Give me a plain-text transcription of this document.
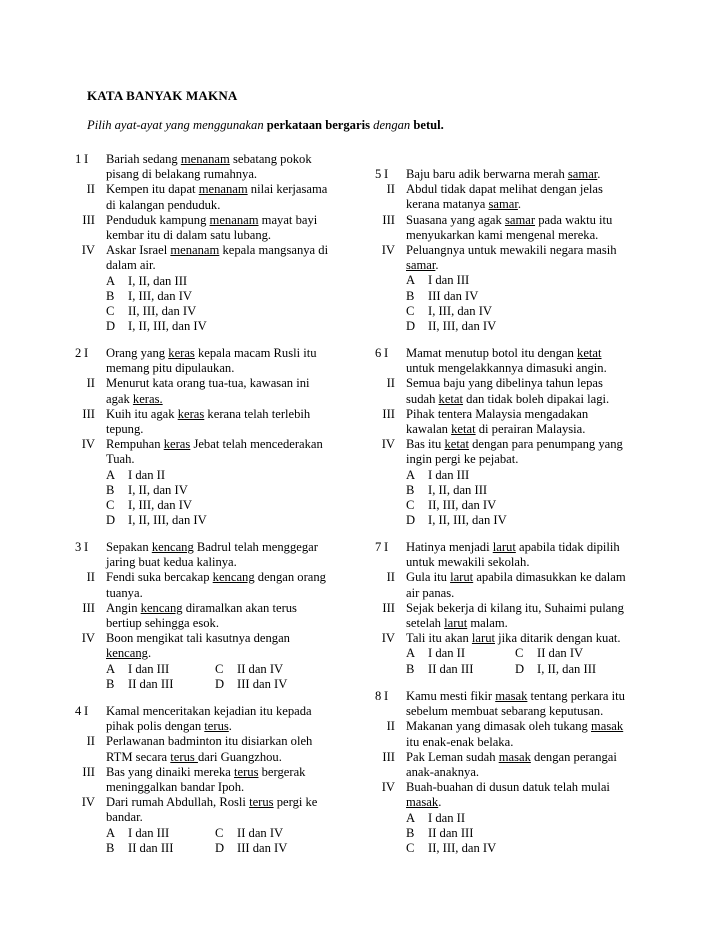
KATA BANYAK MAKNA
Pilih ayat-ayat yang menggunakan perkataan bergaris dengan betul.
1 I	Bariah sedang menanam sebatang pokok
pisang di belakang rumahnya.
II Kempen itu dapat menanam nilai kerjasama
di kalangan penduduk.
III Penduduk kampung menanam mayat bayi
kembar itu di dalam satu lubang.
IV Askar Israel menanam kepala mangsanya di
dalam air.
A I, II, dan III
B I, III, dan IV
C II, III, dan IV
D I, II, III, dan IV
2 I	Orang yang keras kepala macam Rusli itu
memang pitu dipulaukan.
II Menurut kata orang tua-tua, kawasan ini
agak keras.
III Kuih itu agak keras kerana telah terlebih
tepung.
IV Rempuhan keras Jebat telah mencederakan
Tuah.
A I dan II
B I, II, dan IV
C I, III, dan IV
D I, II, III, dan IV
3 I	Sepakan kencang Badrul telah menggegar
jaring buat kedua kalinya.
II Fendi suka bercakap kencang dengan orang
tuanya.
III Angin kencang diramalkan akan terus
bertiup sehingga esok.
IV Boon mengikat tali kasutnya dengan
kencang.
A I dan III	C II dan IV
B II dan III	D III dan IV
4 I	Kamal menceritakan kejadian itu kepada
pihak polis dengan terus.
II Perlawanan badminton itu disiarkan oleh
RTM secara terus dari Guangzhou.
III Bas yang dinaiki mereka terus bergerak
meninggalkan bandar Ipoh.
IV Dari rumah Abdullah, Rosli terus pergi ke
bandar.
A I dan III	C II dan IV
B II dan III	D III dan IV
5 I	Baju baru adik berwarna merah samar.
II Abdul tidak dapat melihat dengan jelas
kerana matanya samar.
III Suasana yang agak samar pada waktu itu
menyukarkan kami mengenal mereka.
IV Peluangnya untuk mewakili negara masih
samar.
A I dan III
B III dan IV
C I, III, dan IV
D II, III, dan IV
6 I	Mamat menutup botol itu dengan ketat
untuk mengelakkannya dimasuki angin.
II Semua baju yang dibelinya tahun lepas
sudah ketat dan tidak boleh dipakai lagi.
III Pihak tentera Malaysia mengadakan
kawalan ketat di perairan Malaysia.
IV Bas itu ketat dengan para penumpang yang
ingin pergi ke pejabat.
A I dan III
B I, II, dan III
C II, III, dan IV
D I, II, III, dan IV
7 I	Hatinya menjadi larut apabila tidak dipilih
untuk mewakili sekolah.
II Gula itu larut apabila dimasukkan ke dalam
air panas.
III Sejak bekerja di kilang itu, Suhaimi pulang
setelah larut malam.
IV Tali itu akan larut jika ditarik dengan kuat.
A I dan II	C II dan IV
B II dan III	D I, II, dan III
8 I	Kamu mesti fikir masak tentang perkara itu
sebelum membuat sebarang keputusan.
II Makanan yang dimasak oleh tukang masak
itu enak-enak belaka.
III Pak Leman sudah masak dengan perangai
anak-anaknya.
IV Buah-buahan di dusun datuk telah mulai
masak.
A I dan II
B II dan III
C II, III, dan IV
